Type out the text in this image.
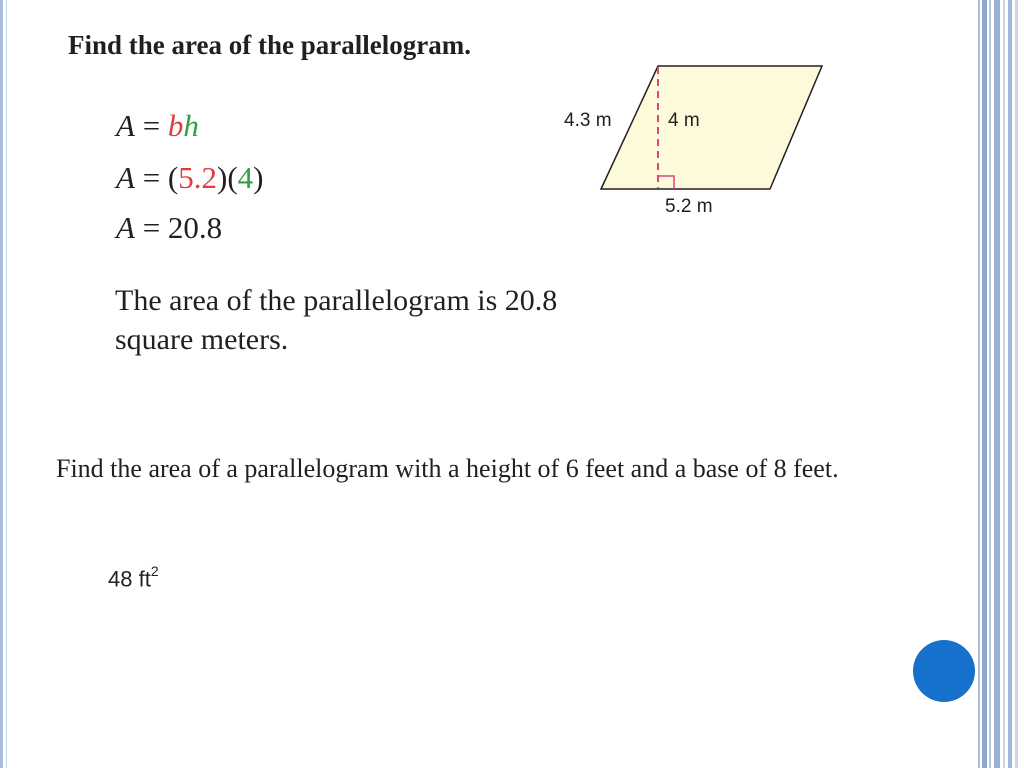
Find the area of the parallelogram.

A = bh

A = (5.2)(4)

A = 20.8

The area of the parallelogram is 20.8 square meters.

4.3 m	4 m
5.2 m

Find the area of a parallelogram with a height of 6 feet and a base of 8 feet.

48 $ft^2$
